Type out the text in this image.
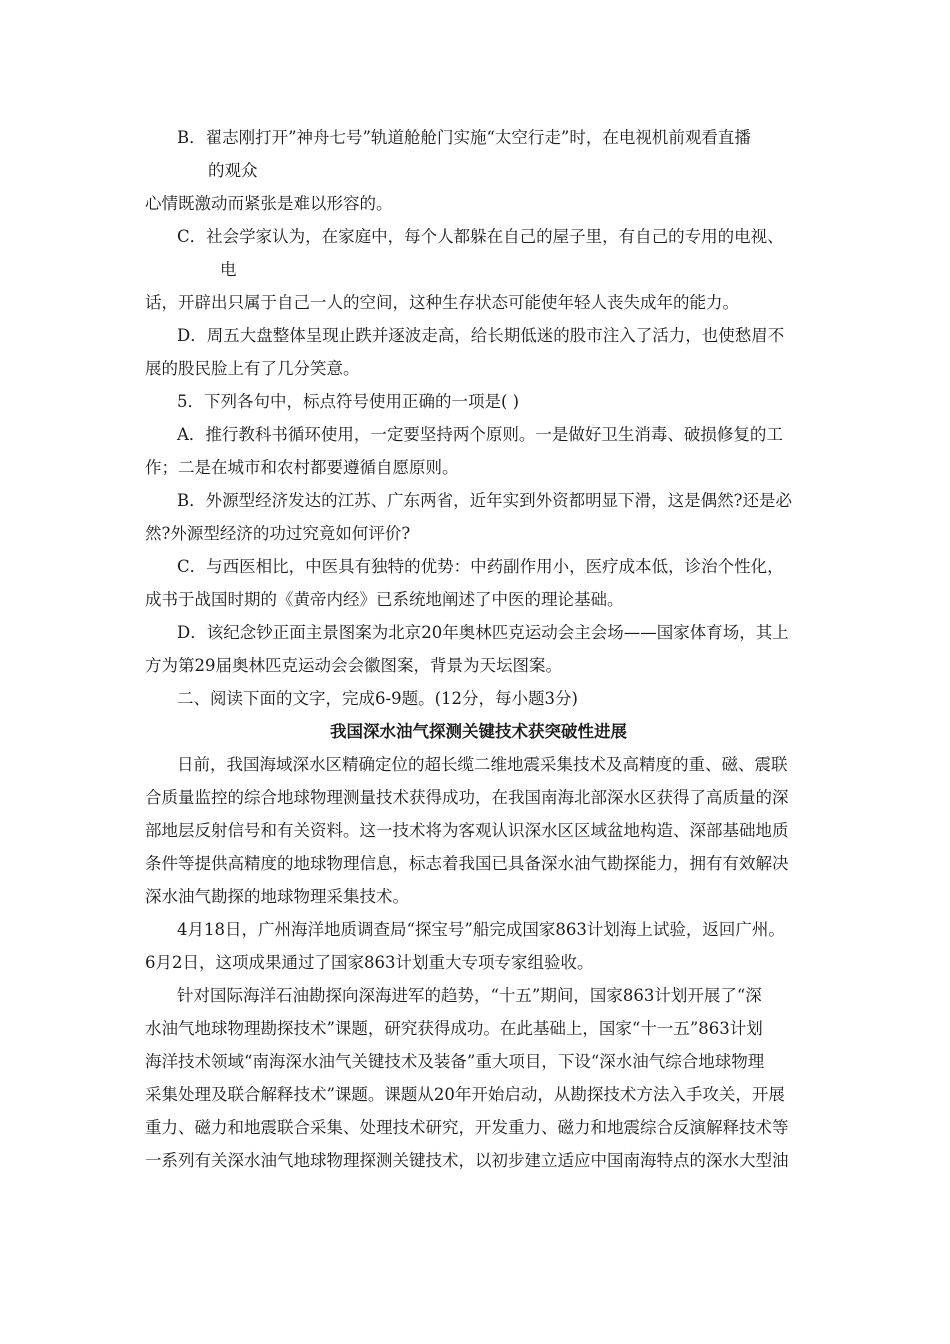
B．翟志刚打开”神舟七号”轨道舱舱门实施“太空行走”时，在电视机前观看直播

的观众

心情既激动而紧张是难以形容的。

C．社会学家认为，在家庭中，每个人都躲在自己的屋子里，有自己的专用的电视、

电

话，开辟出只属于自己一人的空间，这种生存状态可能使年轻人丧失成年的能力。

D．周五大盘整体呈现止跌并逐波走高，给长期低迷的股市注入了活力，也使愁眉不

展的股民脸上有了几分笑意。

5．下列各句中，标点符号使用正确的一项是( )

A．推行教科书循环使用，一定要坚持两个原则。一是做好卫生消毒、破损修复的工

作；二是在城市和农村都要遵循自愿原则。

B．外源型经济发达的江苏、广东两省，近年实到外资都明显下滑，这是偶然?还是必

然?外源型经济的功过究竟如何评价?

C．与西医相比，中医具有独特的优势：中药副作用小，医疗成本低，诊治个性化，

成书于战国时期的《黄帝内经》已系统地阐述了中医的理论基础。

D．该纪念钞正面主景图案为北京20年奥林匹克运动会主会场——国家体育场，其上

方为第29届奥林匹克运动会会徽图案，背景为天坛图案。

二、阅读下面的文字，完成6-9题。(12分，每小题3分)

我国深水油气探测关键技术获突破性进展

日前，我国海域深水区精确定位的超长缆二维地震采集技术及高精度的重、磁、震联

合质量监控的综合地球物理测量技术获得成功，在我国南海北部深水区获得了高质量的深

部地层反射信号和有关资料。这一技术将为客观认识深水区区域盆地构造、深部基础地质

条件等提供高精度的地球物理信息，标志着我国已具备深水油气勘探能力，拥有有效解决

深水油气勘探的地球物理采集技术。

4月18日，广州海洋地质调查局“探宝号”船完成国家863计划海上试验，返回广州。

6月2日，这项成果通过了国家863计划重大专项专家组验收。

针对国际海洋石油勘探向深海进军的趋势，“十五”期间，国家863计划开展了“深

水油气地球物理勘探技术”课题，研究获得成功。在此基础上，国家“十一五”863计划

海洋技术领域“南海深水油气关键技术及装备”重大项目，下设“深水油气综合地球物理

采集处理及联合解释技术”课题。课题从20年开始启动，从勘探技术方法入手攻关，开展

重力、磁力和地震联合采集、处理技术研究，开发重力、磁力和地震综合反演解释技术等

一系列有关深水油气地球物理探测关键技术，以初步建立适应中国南海特点的深水大型油
